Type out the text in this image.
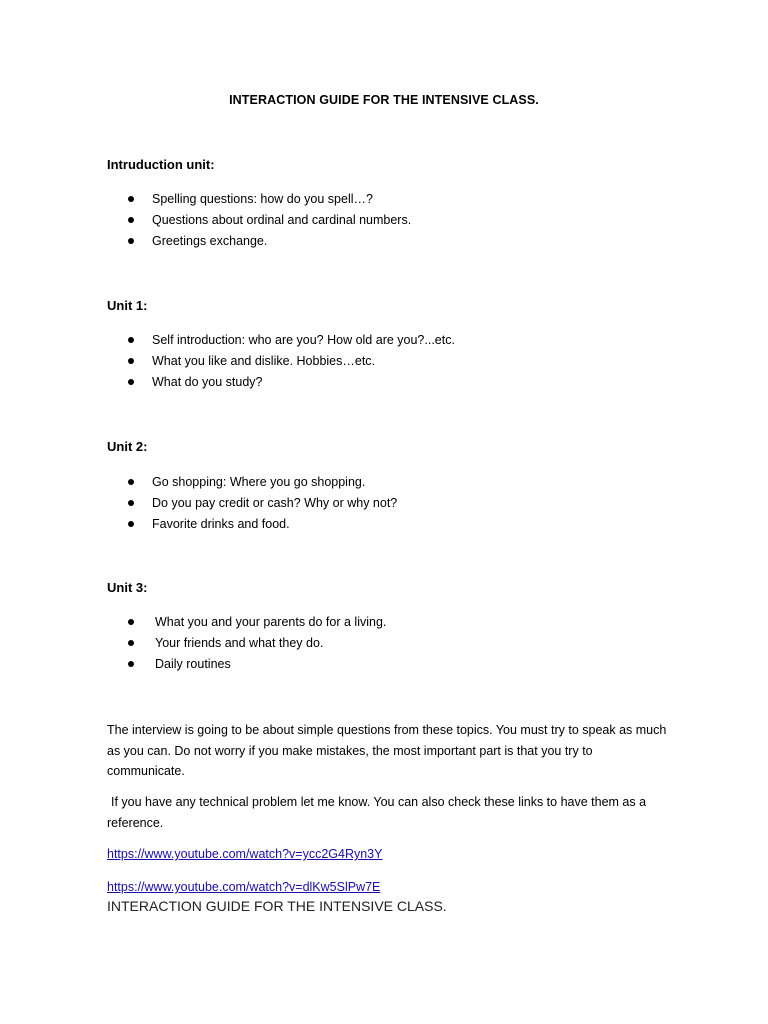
INTERACTION GUIDE FOR THE INTENSIVE CLASS.
Intruduction unit:
Spelling questions: how do you spell…?
Questions about ordinal and cardinal numbers.
Greetings exchange.
Unit 1:
Self introduction: who are you? How old are you?...etc.
What you like and dislike. Hobbies…etc.
What do you study?
Unit 2:
Go shopping: Where you go shopping.
Do you pay credit or cash? Why or why not?
Favorite drinks and food.
Unit 3:
What you and your parents do for a living.
Your friends and what they do.
Daily routines

The interview is going to be about simple questions from these topics. You must try to speak as much as you can. Do not worry if you make mistakes, the most important part is that you try to communicate.

If you have any technical problem let me know. You can also check these links to have them as a reference.

https://www.youtube.com/watch?v=ycc2G4Ryn3Y
https://www.youtube.com/watch?v=dlKw5SlPw7E
INTERACTION GUIDE FOR THE INTENSIVE CLASS.
